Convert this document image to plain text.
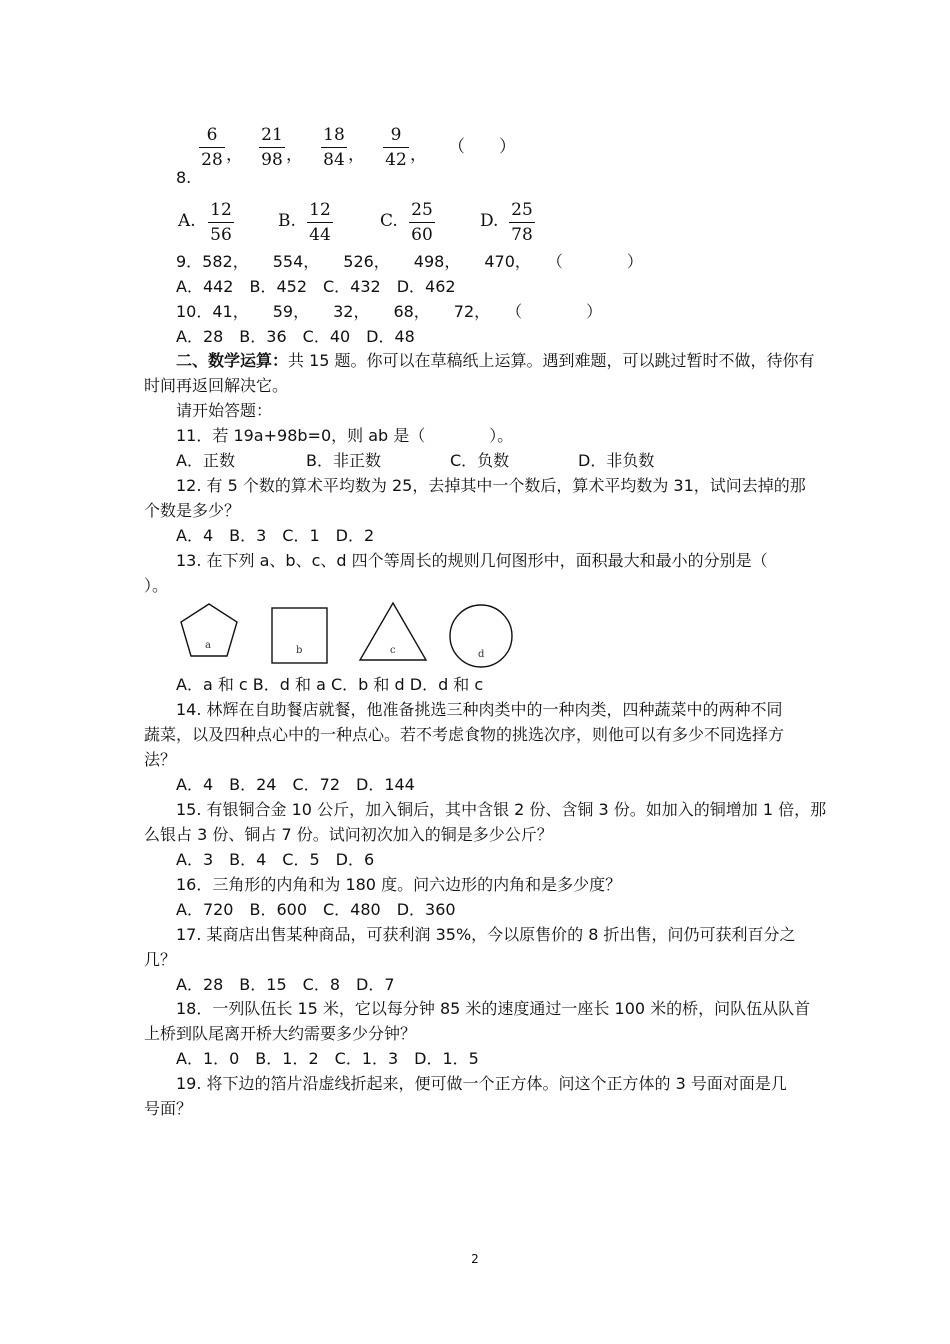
6
28 ，
21
98 ，
18
84 ，
9
42 ， （　　）
8.
A.
12
56
B.
12
44
C.
25
60
D.
25
78
9．582，　　554，　　526，　　498，　　470，　　（　　　　）
A．442　B．452　C．432　D．462
10．41，　　59，　　32，　　68，　　72，　　（　　　　）
A．28　B．36　C．40　D．48
二、数学运算：共 15 题。你可以在草稿纸上运算。遇到难题，可以跳过暂时不做，待你有
时间再返回解决它。
请开始答题：
11．若 19a+98b=0，则 ab 是（　　　　）。
A．正数	B．非正数	C．负数	D．非负数
12. 有 5 个数的算术平均数为 25，去掉其中一个数后，算术平均数为 31，试问去掉的那
个数是多少？
A．4　B．3　C．1　D．2
13. 在下列 a、b、c、d 四个等周长的规则几何图形中，面积最大和最小的分别是（
）。
a	b	c	d
A．a 和 c B．d 和 a C．b 和 d D．d 和 c
14. 林辉在自助餐店就餐，他准备挑选三种肉类中的一种肉类，四种蔬菜中的两种不同
蔬菜，以及四种点心中的一种点心。若不考虑食物的挑选次序，则他可以有多少不同选择方
法？
A．4　B．24　C．72　D．144
15. 有银铜合金 10 公斤，加入铜后，其中含银 2 份、含铜 3 份。如加入的铜增加 1 倍，那
么银占 3 份、铜占 7 份。试问初次加入的铜是多少公斤？
A．3　B．4　C．5　D．6
16．三角形的内角和为 180 度。问六边形的内角和是多少度？
A．720　B．600　C．480　D．360
17. 某商店出售某种商品，可获利润 35%，今以原售价的 8 折出售，问仍可获利百分之
几？
A．28　B．15　C．8　D．7
18．一列队伍长 15 米，它以每分钟 85 米的速度通过一座长 100 米的桥，问队伍从队首
上桥到队尾离开桥大约需要多少分钟？
A．1．0　B．1．2　C．1．3　D．1．5
19. 将下边的箔片沿虚线折起来，便可做一个正方体。问这个正方体的 3 号面对面是几
号面？
2
